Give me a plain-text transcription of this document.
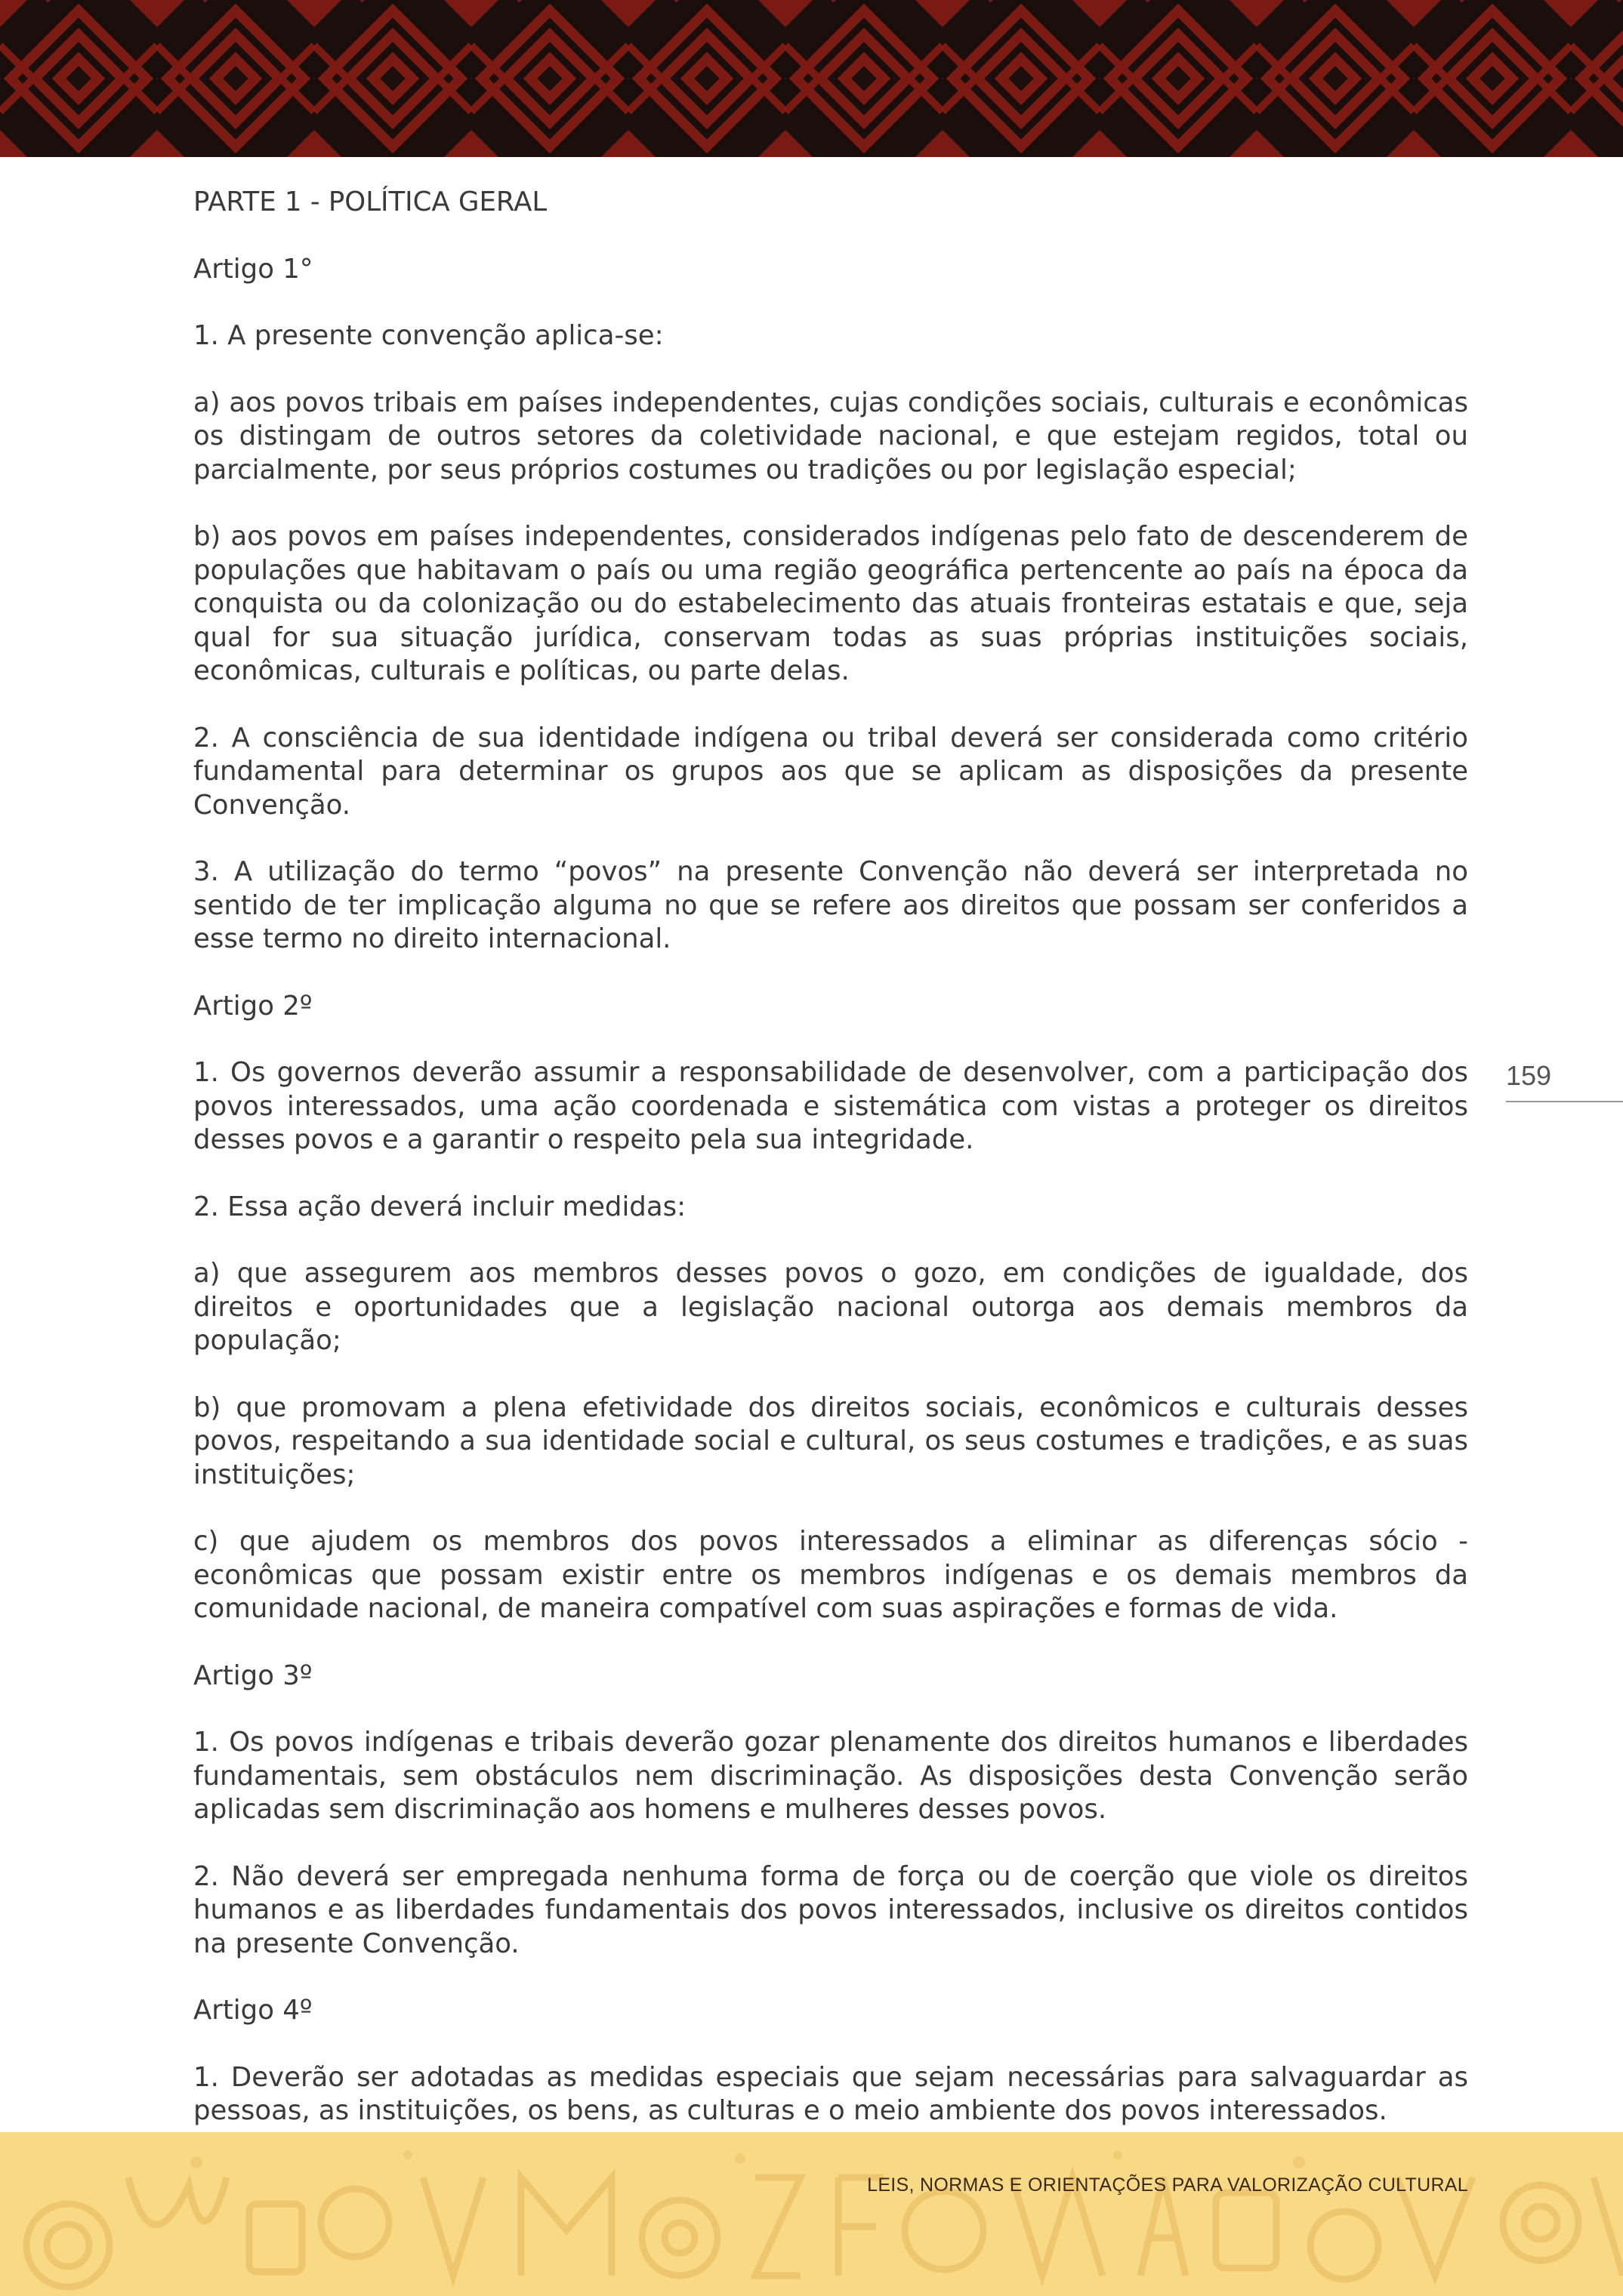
PARTE 1 - POLÍTICA GERAL

Artigo 1°

1. A presente convenção aplica-se:

a) aos povos tribais em países independentes, cujas condições sociais, culturais e econômicas os distingam de outros setores da coletividade nacional, e que estejam regidos, total ou parcialmente, por seus próprios costumes ou tradições ou por legislação especial;

b) aos povos em países independentes, considerados indígenas pelo fato de descenderem de populações que habitavam o país ou uma região geográfica pertencente ao país na época da conquista ou da colonização ou do estabelecimento das atuais fronteiras estatais e que, seja qual for sua situação jurídica, conservam todas as suas próprias instituições sociais, econômicas, culturais e políticas, ou parte delas.

2. A consciência de sua identidade indígena ou tribal deverá ser considerada como critério fundamental para determinar os grupos aos que se aplicam as disposições da presente Convenção.

3. A utilização do termo “povos” na presente Convenção não deverá ser interpretada no sentido de ter implicação alguma no que se refere aos direitos que possam ser conferidos a esse termo no direito internacional.

Artigo 2º

1. Os governos deverão assumir a responsabilidade de desenvolver, com a participação dos povos interessados, uma ação coordenada e sistemática com vistas a proteger os direitos desses povos e a garantir o respeito pela sua integridade.

2. Essa ação deverá incluir medidas:

a) que assegurem aos membros desses povos o gozo, em condições de igualdade, dos direitos e oportunidades que a legislação nacional outorga aos demais membros da população;

b) que promovam a plena efetividade dos direitos sociais, econômicos e culturais desses povos, respeitando a sua identidade social e cultural, os seus costumes e tradições, e as suas instituições;

c) que ajudem os membros dos povos interessados a eliminar as diferenças sócio - econômicas que possam existir entre os membros indígenas e os demais membros da comunidade nacional, de maneira compatível com suas aspirações e formas de vida.

Artigo 3º

1. Os povos indígenas e tribais deverão gozar plenamente dos direitos humanos e liberdades fundamentais, sem obstáculos nem discriminação. As disposições desta Convenção serão aplicadas sem discriminação aos homens e mulheres desses povos.

2. Não deverá ser empregada nenhuma forma de força ou de coerção que viole os direitos humanos e as liberdades fundamentais dos povos interessados, inclusive os direitos contidos na presente Convenção.

Artigo 4º

1. Deverão ser adotadas as medidas especiais que sejam necessárias para salvaguardar as pessoas, as instituições, os bens, as culturas e o meio ambiente dos povos interessados.

159
LEIS, NORMAS E ORIENTAÇÕES PARA VALORIZAÇÃO CULTURAL
